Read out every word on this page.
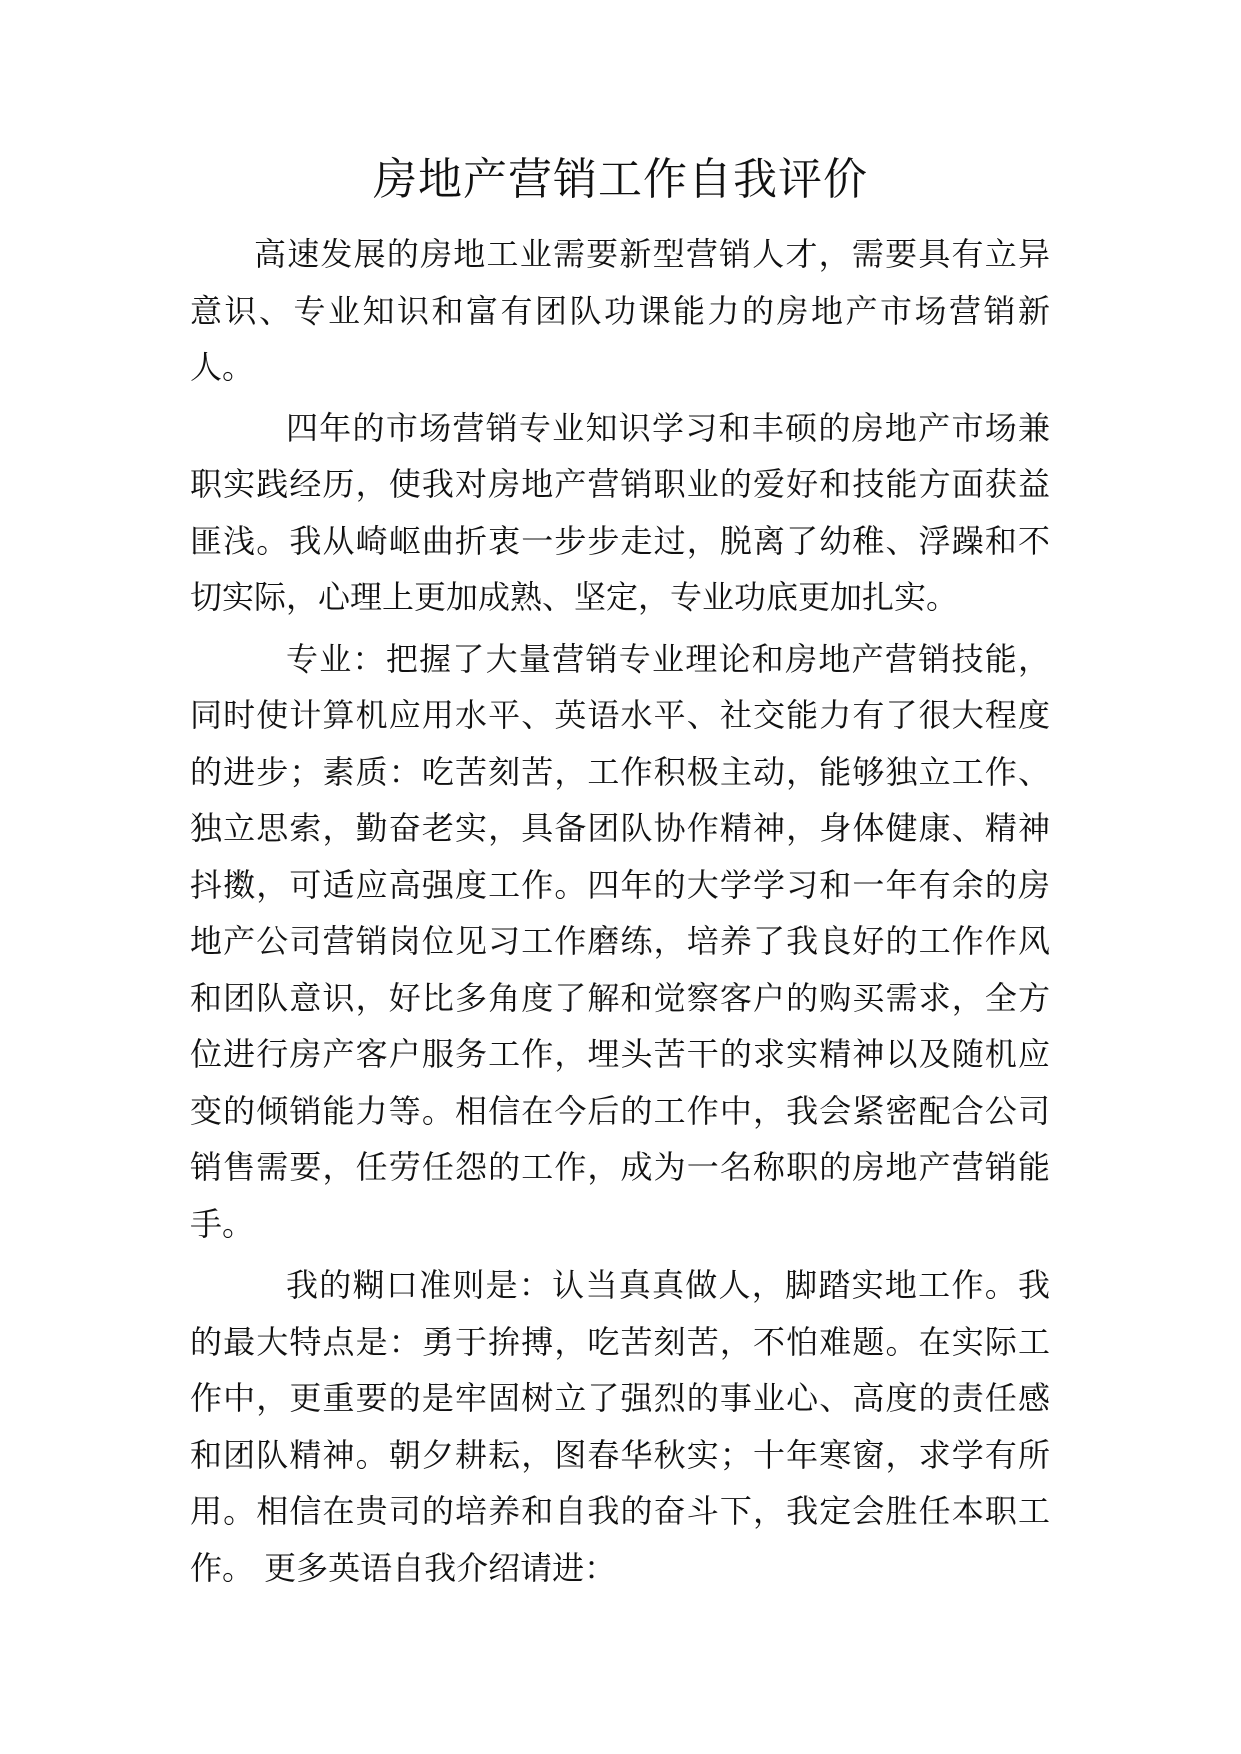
房地产营销工作自我评价

高速发展的房地工业需要新型营销人才，需要具有立异意识、专业知识和富有团队功课能力的房地产市场营销新人。

四年的市场营销专业知识学习和丰硕的房地产市场兼职实践经历，使我对房地产营销职业的爱好和技能方面获益匪浅。我从崎岖曲折衷一步步走过，脱离了幼稚、浮躁和不切实际，心理上更加成熟、坚定，专业功底更加扎实。

专业：把握了大量营销专业理论和房地产营销技能，同时使计算机应用水平、英语水平、社交能力有了很大程度的进步；素质：吃苦刻苦，工作积极主动，能够独立工作、独立思索，勤奋老实，具备团队协作精神，身体健康、精神抖擞，可适应高强度工作。四年的大学学习和一年有余的房地产公司营销岗位见习工作磨练，培养了我良好的工作作风和团队意识，好比多角度了解和觉察客户的购买需求，全方位进行房产客户服务工作，埋头苦干的求实精神以及随机应变的倾销能力等。相信在今后的工作中，我会紧密配合公司销售需要，任劳任怨的工作，成为一名称职的房地产营销能手。

我的糊口准则是：认当真真做人，脚踏实地工作。我的最大特点是：勇于拚搏，吃苦刻苦，不怕难题。在实际工作中，更重要的是牢固树立了强烈的事业心、高度的责任感和团队精神。朝夕耕耘，图春华秋实；十年寒窗，求学有所用。相信在贵司的培养和自我的奋斗下，我定会胜任本职工作。 更多英语自我介绍请进：
